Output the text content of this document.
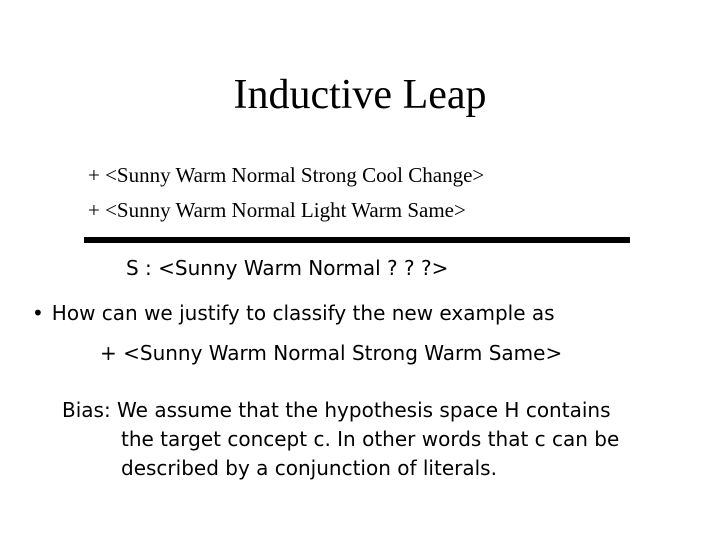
Inductive Leap
+ <Sunny Warm Normal Strong Cool Change>
+ <Sunny Warm Normal Light Warm Same>
S : <Sunny Warm Normal ? ? ?>
• How can we justify to classify the new example as
+ <Sunny Warm Normal Strong Warm Same>
Bias: We assume that the hypothesis space H contains
the target concept c. In other words that c can be
described by a conjunction of literals.
